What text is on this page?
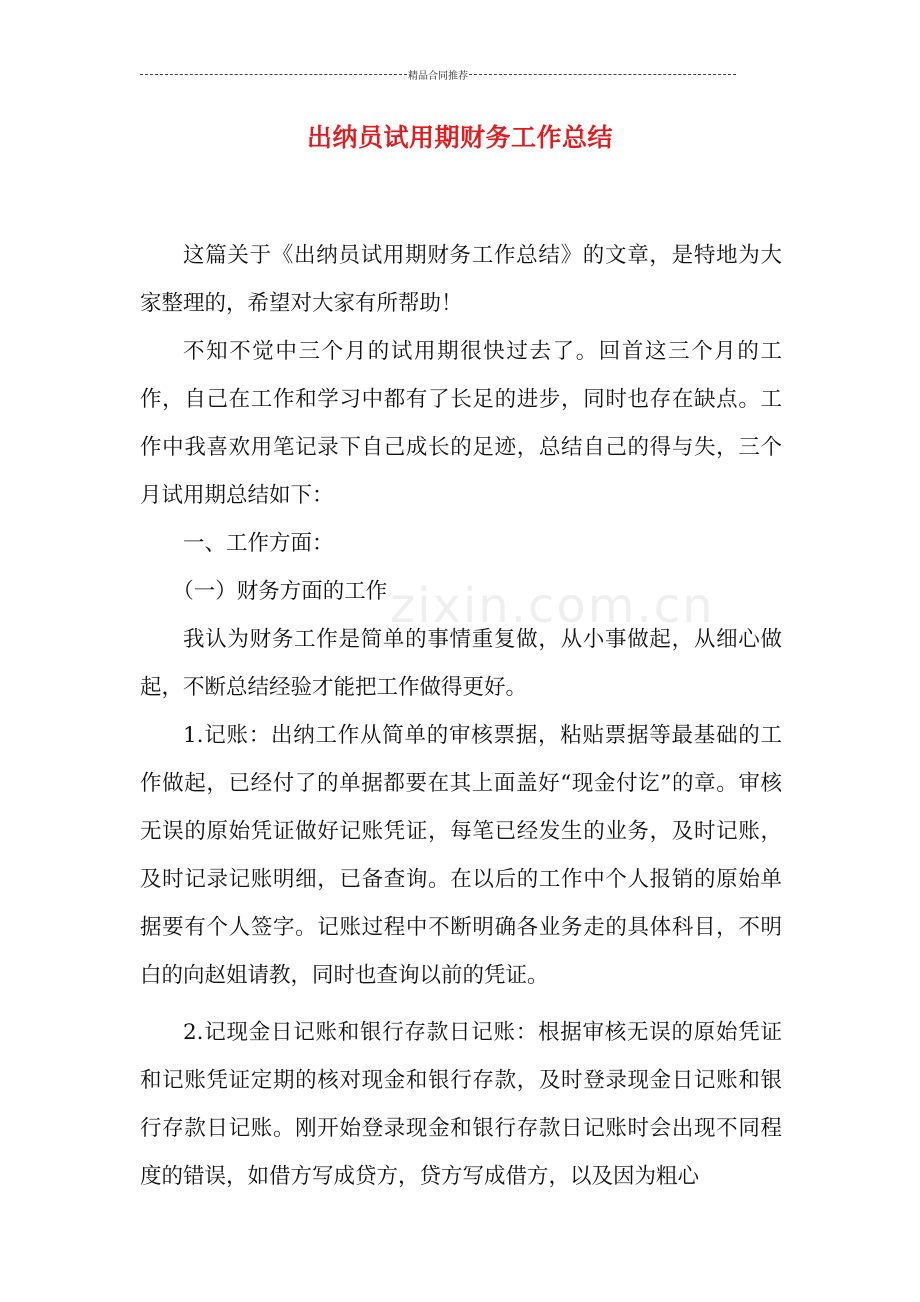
精品合同推荐
出纳员试用期财务工作总结
zixin.com.cn

这篇关于《出纳员试用期财务工作总结》的文章，是特地为大家整理的，希望对大家有所帮助！

不知不觉中三个月的试用期很快过去了。回首这三个月的工作，自己在工作和学习中都有了长足的进步，同时也存在缺点。工作中我喜欢用笔记录下自己成长的足迹，总结自己的得与失，三个月试用期总结如下：

一、工作方面：

（一）财务方面的工作

我认为财务工作是简单的事情重复做，从小事做起，从细心做起，不断总结经验才能把工作做得更好。

1.记账：出纳工作从简单的审核票据，粘贴票据等最基础的工作做起，已经付了的单据都要在其上面盖好“现金付讫”的章。审核无误的原始凭证做好记账凭证，每笔已经发生的业务，及时记账，及时记录记账明细，已备查询。在以后的工作中个人报销的原始单据要有个人签字。记账过程中不断明确各业务走的具体科目，不明白的向赵姐请教，同时也查询以前的凭证。

2.记现金日记账和银行存款日记账：根据审核无误的原始凭证和记账凭证定期的核对现金和银行存款，及时登录现金日记账和银行存款日记账。刚开始登录现金和银行存款日记账时会出现不同程度的错误，如借方写成贷方，贷方写成借方，以及因为粗心
